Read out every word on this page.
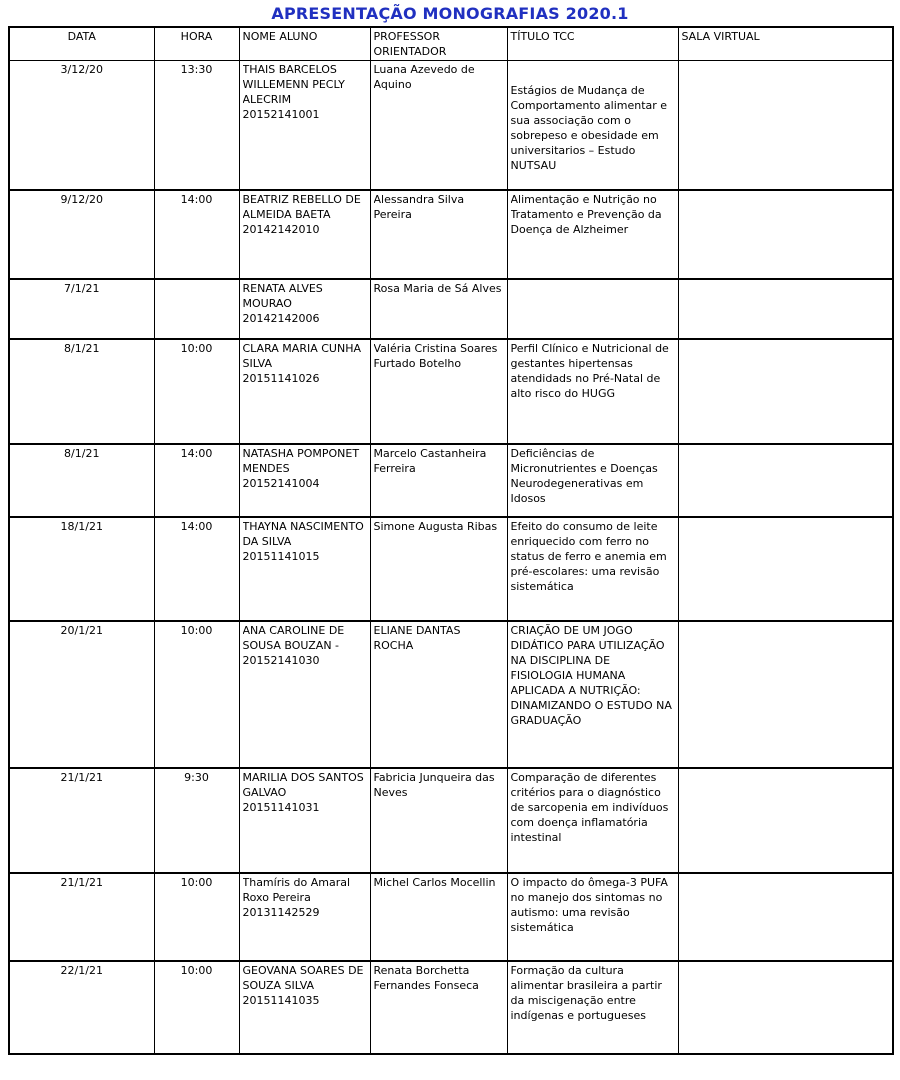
APRESENTAÇÃO MONOGRAFIAS 2020.1
DATA	HORA	NOME ALUNO	PROFESSOR ORIENTADOR	TÍTULO TCC	SALA VIRTUAL

3/12/20	13:30	THAIS BARCELOS WILLEMENN PECLY ALECRIM
20152141001	Luana Azevedo de Aquino	Estágios de Mudança de Comportamento alimentar e sua associação com o sobrepeso e obesidade em universitarios – Estudo NUTSAU	

9/12/20	14:00	BEATRIZ REBELLO DE ALMEIDA BAETA
20142142010	Alessandra Silva Pereira	Alimentação e Nutrição no Tratamento e Prevenção da Doença de Alzheimer	

7/1/21		RENATA ALVES MOURAO
20142142006	Rosa Maria de Sá Alves		

8/1/21	10:00	CLARA MARIA CUNHA SILVA
20151141026	Valéria Cristina Soares Furtado Botelho	Perfil Clínico e Nutricional de gestantes hipertensas atendidads no Pré-Natal de alto risco do HUGG	

8/1/21	14:00	NATASHA POMPONET MENDES
20152141004	Marcelo Castanheira Ferreira	Deficiências de Micronutrientes e Doenças Neurodegenerativas em Idosos	

18/1/21	14:00	THAYNA NASCIMENTO DA SILVA
20151141015	Simone Augusta Ribas	Efeito do consumo de leite enriquecido com ferro no status de ferro e anemia em pré-escolares: uma revisão sistemática	

20/1/21	10:00	ANA CAROLINE DE SOUSA BOUZAN -
20152141030	ELIANE DANTAS ROCHA	CRIAÇÃO DE UM JOGO DIDÁTICO PARA UTILIZAÇÃO NA DISCIPLINA DE FISIOLOGIA HUMANA APLICADA A NUTRIÇÃO: DINAMIZANDO O ESTUDO NA GRADUAÇÃO	

21/1/21	9:30	MARILIA DOS SANTOS GALVAO
20151141031	Fabricia Junqueira das Neves	Comparação de diferentes critérios para o diagnóstico de sarcopenia em indivíduos com doença inflamatória intestinal	

21/1/21	10:00	Thamíris do Amaral Roxo Pereira
20131142529	Michel Carlos Mocellin	O impacto do ômega-3 PUFA no manejo dos sintomas no autismo: uma revisão sistemática	

22/1/21	10:00	GEOVANA SOARES DE SOUZA SILVA
20151141035	Renata Borchetta Fernandes Fonseca	Formação da cultura alimentar brasileira a partir da miscigenação entre indígenas e portugueses	
